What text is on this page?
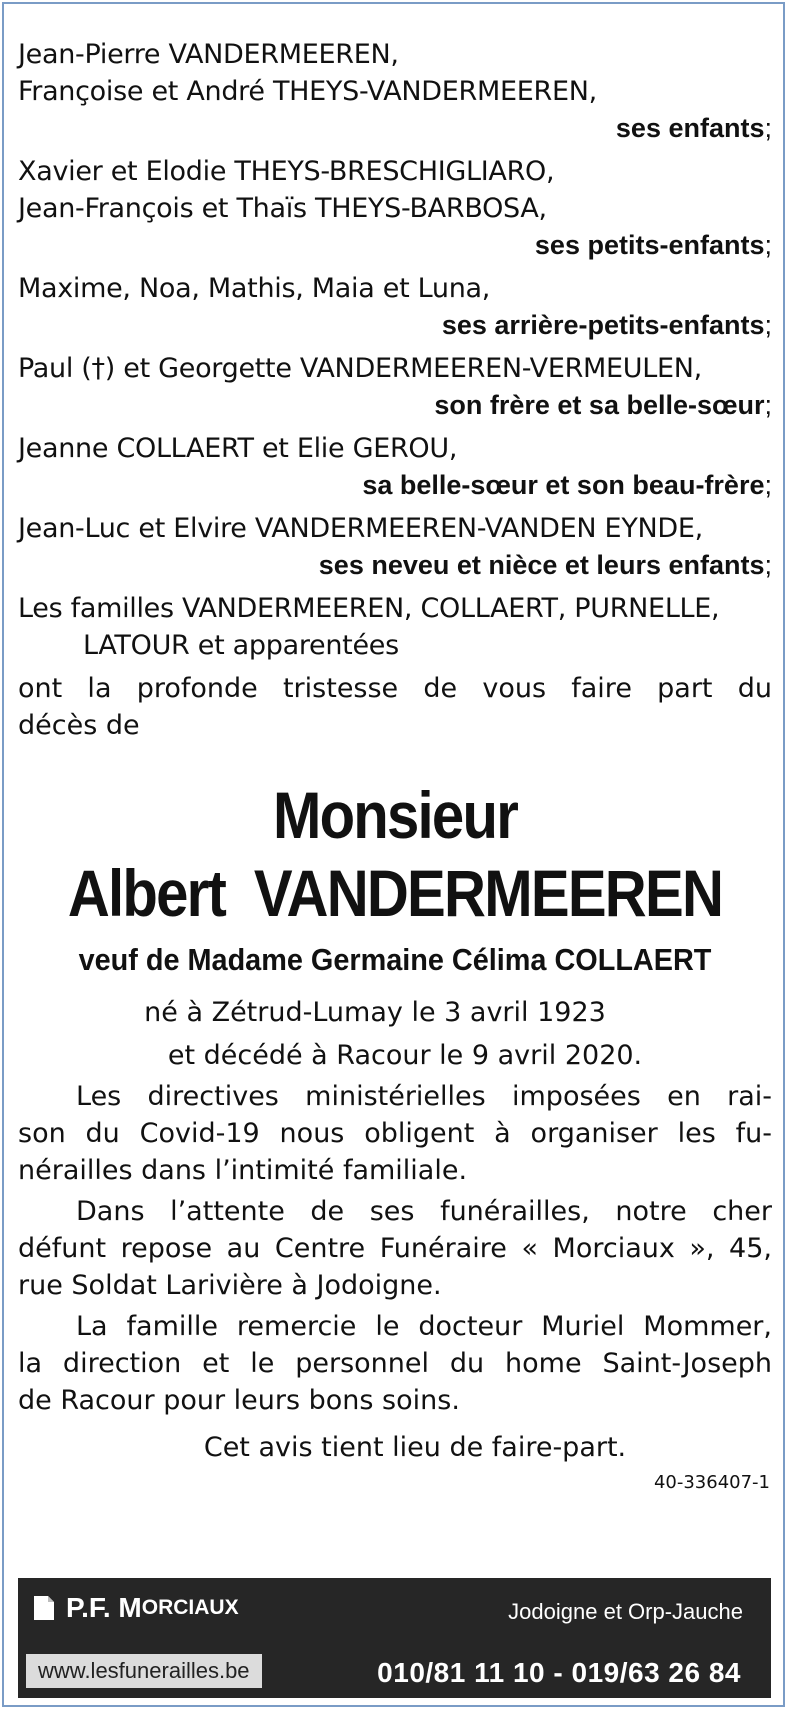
Jean-Pierre VANDERMEEREN,
Françoise et André THEYS-VANDERMEEREN,
ses enfants;
Xavier et Elodie THEYS-BRESCHIGLIARO,
Jean-François et Thaïs THEYS-BARBOSA,
ses petits-enfants;
Maxime, Noa, Mathis, Maia et Luna,
ses arrière-petits-enfants;
Paul (†) et Georgette VANDERMEEREN-VERMEULEN,
son frère et sa belle-sœur;
Jeanne COLLAERT et Elie GEROU,
sa belle-sœur et son beau-frère;
Jean-Luc et Elvire VANDERMEEREN-VANDEN EYNDE,
ses neveu et nièce et leurs enfants;
Les familles VANDERMEEREN, COLLAERT, PURNELLE,
LATOUR et apparentées
ont la profonde tristesse de vous faire part du
décès de
Monsieur
Albert  VANDERMEEREN
veuf de Madame Germaine Célima COLLAERT
né à Zétrud-Lumay le 3 avril 1923
et décédé à Racour le 9 avril 2020.
Les directives ministérielles imposées en rai-
son du Covid-19 nous obligent à organiser les fu-
nérailles dans l’intimité familiale.
Dans l’attente de ses funérailles, notre cher
défunt repose au Centre Funéraire « Morciaux », 45,
rue Soldat Larivière à Jodoigne.
La famille remercie le docteur Muriel Mommer,
la direction et le personnel du home Saint-Joseph
de Racour pour leurs bons soins.
Cet avis tient lieu de faire-part.
40-336407-1
P.F. M ORCIAUX	Jodoigne et Orp-Jauche
www.lesfunerailles.be	010/81 11 10 - 019/63 26 84
